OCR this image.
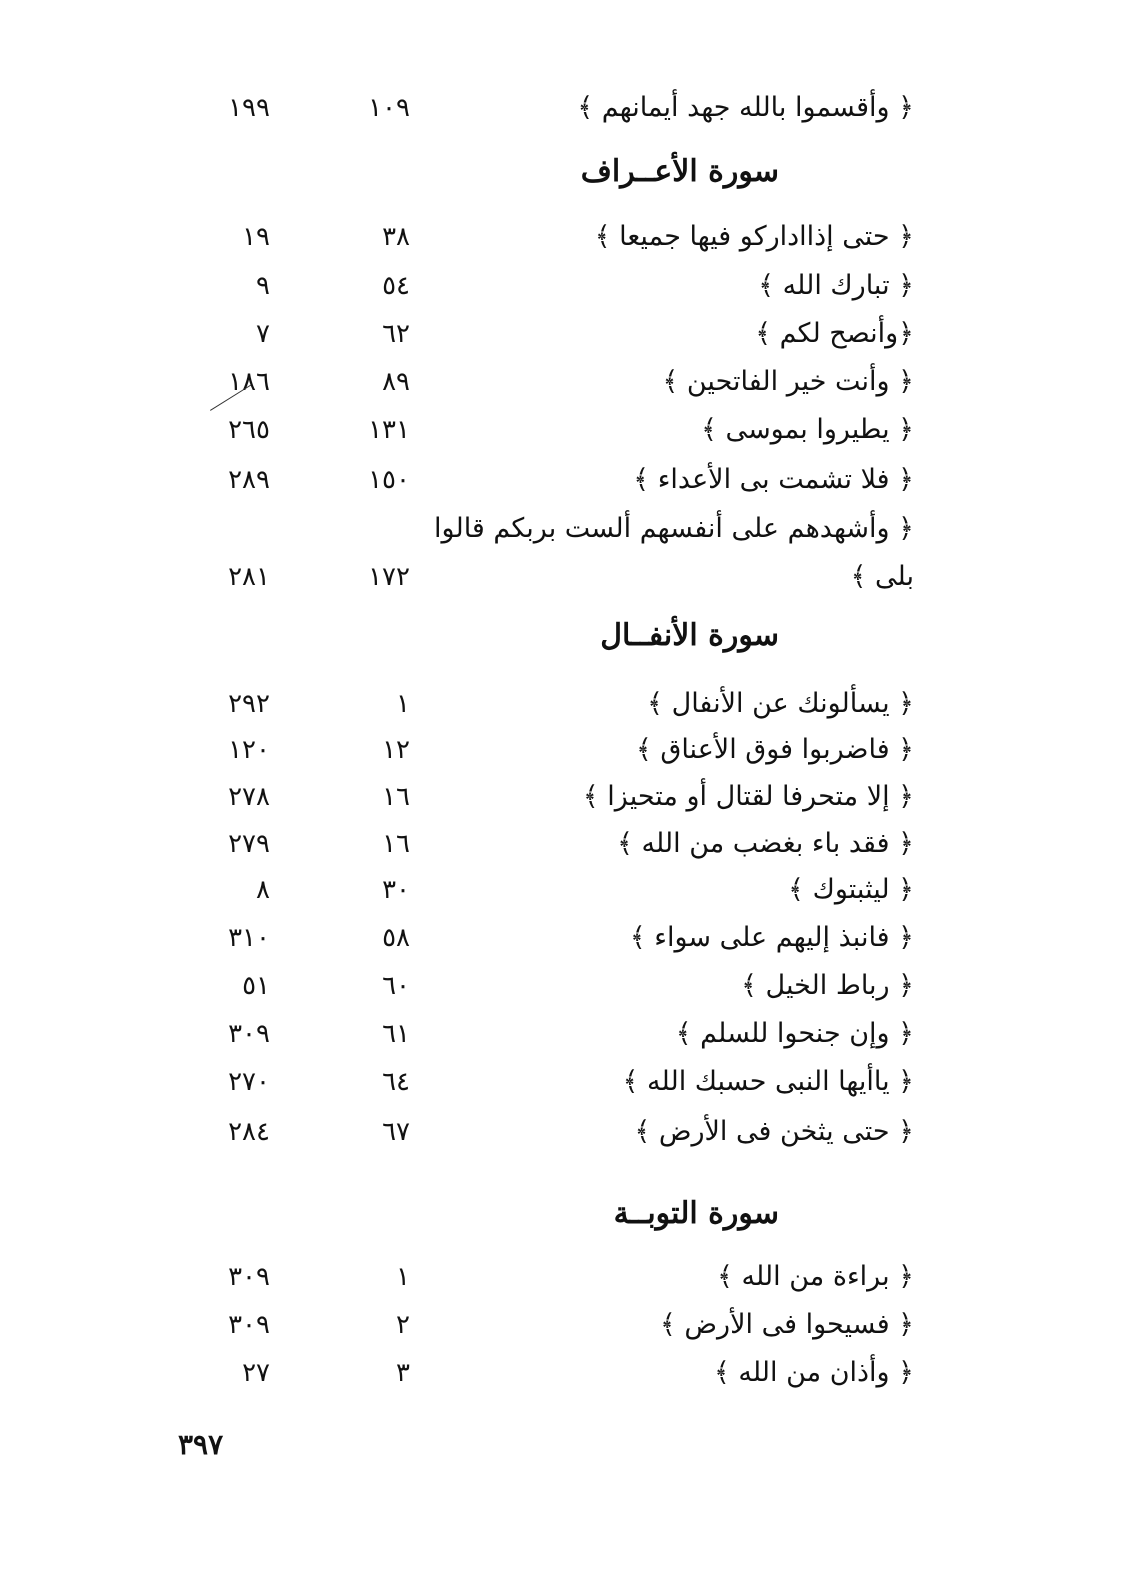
﴿ وأقسموا بالله جهد أيمانهم ﴾
١٠٩
١٩٩
سورة الأعــراف
﴿ حتى إذاادارکو فيها جميعا ﴾
٣٨
١٩
﴿ تبارك الله ﴾
٥٤
٩
﴿وأنصح لكم ﴾
٦٢
٧
﴿ وأنت خير الفاتحين ﴾
٨٩
١٨٦
﴿ يطيروا بموسى ﴾
١٣١
٢٦٥
﴿ فلا تشمت بى الأعداء ﴾
١٥٠
٢٨٩
﴿ وأشهدهم على أنفسهم ألست بربكم قالوا
بلى ﴾
١٧٢
٢٨١
سورة الأنفــال
﴿ يسألونك عن الأنفال ﴾
١
٢٩٢
﴿ فاضربوا فوق الأعناق ﴾
١٢
١٢٠
﴿ إلا متحرفا لقتال أو متحيزا ﴾
١٦
٢٧٨
﴿ فقد باء بغضب من الله ﴾
١٦
٢٧٩
﴿ ليثبتوك ﴾
٣٠
٨
﴿ فانبذ إليهم على سواء ﴾
٥٨
٣١٠
﴿ رباط الخيل ﴾
٦٠
٥١
﴿ وإن جنحوا للسلم ﴾
٦١
٣٠٩
﴿ ياأيها النبى حسبك الله ﴾
٦٤
٢٧٠
﴿ حتى يثخن فى الأرض ﴾
٦٧
٢٨٤
سورة التوبــة
﴿ براءة من الله ﴾
١
٣٠٩
﴿ فسيحوا فى الأرض ﴾
٢
٣٠٩
﴿ وأذان من الله ﴾
٣
٢٧
٣٩٧
